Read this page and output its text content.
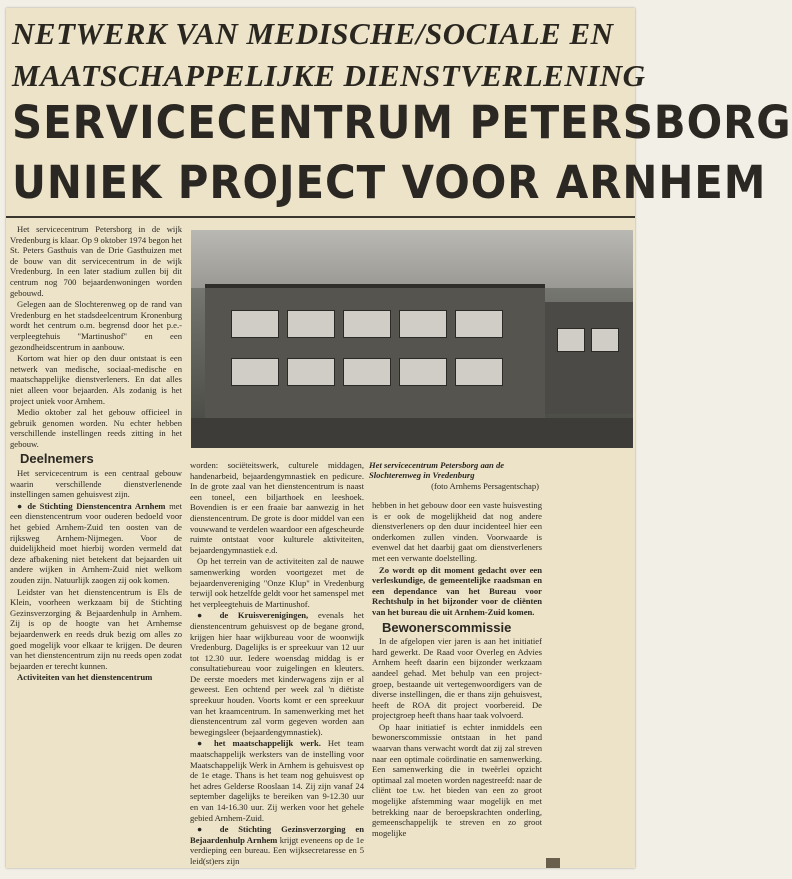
NETWERK VAN MEDISCHE/SOCIALE EN
MAATSCHAPPELIJKE DIENSTVERLENING
SERVICECENTRUM PETERSBORG
UNIEK PROJECT VOOR ARNHEM

Het servicecentrum Petersborg in de wijk Vredenburg is klaar. Op 9 oktober 1974 begon het St. Peters Gasthuis van de Drie Gasthuizen met de bouw van dit servicecentrum in de wijk Vredenburg. In een later stadium zullen bij dit centrum nog 700 bejaardenwoningen worden gebouwd.

Gelegen aan de Slochterenweg op de rand van Vredenburg en het stadsdeelcentrum Kronenburg wordt het centrum o.m. begrensd door het p.e.-verpleegtehuis "Martinushof" en een gezondheidscentrum in aanbouw.

Kortom wat hier op den duur ontstaat is een netwerk van medische, sociaal-medische en maatschappelijke dienstverleners. En dat alles niet alleen voor bejaarden. Als zodanig is het project uniek voor Arnhem.

Medio oktober zal het gebouw officieel in gebruik genomen worden. Nu echter hebben verschillende instellingen reeds zitting in het gebouw.

Deelnemers

Het servicecentrum is een centraal gebouw waarin verschillende dienstverlenende instellingen samen gehuisvest zijn.

● de Stichting Dienstencentra Arnhem met een dienstencentrum voor ouderen bedoeld voor het gebied Arnhem-Zuid ten oosten van de rijksweg Arnhem-Nijmegen. Voor de duidelijkheid moet hierbij worden vermeld dat deze afbakening niet betekent dat bejaarden uit andere wijken in Arnhem-Zuid niet welkom zouden zijn. Natuurlijk zaogen zij ook komen.

Leidster van het dienstencentrum is Els de Klein, voorheen werkzaam bij de Stichting Gezinsverzorging & Bejaardenhulp in Arnhem. Zij is op de hoogte van het Arnhemse bejaardenwerk en reeds druk bezig om alles zo goed mogelijk voor elkaar te krijgen. De deuren van het dienstencentrum zijn nu reeds open zodat bejaarden er terecht kunnen.

Activiteiten van het dienstencentrum

Het servicecentrum Petersborg aan de Slochterenweg in Vredenburg
(foto Arnhems Persagentschap)

worden: sociëteitswerk, culturele middagen, handenarbeid, bejaardengymnastiek en pedicure. In de grote zaal van het dienstencentrum is naast een toneel, een biljarthoek en leeshoek. Bovendien is er een fraaie bar aanwezig in het dienstencentrum. De grote is door middel van een vouwwand te verdelen waardoor een afgescheurde ruimte ontstaat voor kulturele aktiviteiten, bejaardengymnastiek e.d.

Op het terrein van de activiteiten zal de nauwe samenwerking worden voortgezet met de bejaardenvereniging "Onze Klup" in Vredenburg terwijl ook hetzelfde geldt voor het samenspel met het verpleegtehuis de Martinushof.

● de Kruisverenigingen, evenals het dienstencentrum gehuisvest op de begane grond, krijgen hier haar wijkbureau voor de woonwijk Vredenburg. Dagelijks is er spreekuur van 12 uur tot 12.30 uur. Iedere woensdag middag is er consultatiebureau voor zuigelingen en kleuters. De eerste moeders met kinderwagens zijn er al geweest. Een ochtend per week zal 'n diëtiste spreekuur houden. Voorts komt er een spreekuur van het kraamcentrum. In samenwerking met het dienstencentrum zal vorm gegeven worden aan bewegingsleer (bejaardengymnastiek).

● het maatschappelijk werk. Het team maatschappelijk werksters van de instelling voor Maatschappelijk Werk in Arnhem is gehuisvest op de 1e etage. Thans is het team nog gehuisvest op het adres Gelderse Rooslaan 14. Zij zijn vanaf 24 september dagelijks te bereiken van 9-12.30 uur en van 14-16.30 uur. Zij werken voor het gehele gebied Arnhem-Zuid.

● de Stichting Gezinsverzorging en Bejaardenhulp Arnhem krijgt eveneens op de 1e verdieping een bureau. Een wijksecretaresse en 5 leid(st)ers zijn

hebben in het gebouw door een vaste huisvesting is er ook de mogelijkheid dat nog andere dienstverleners op den duur incidenteel hier een onderkomen zullen vinden. Voorwaarde is evenwel dat het daarbij gaat om dienstverleners met een verwante doelstelling.

Zo wordt op dit moment gedacht over een verleskundige, de gemeentelijke raadsman en een dependance van het Bureau voor Rechtshulp in het bijzonder voor de cliënten van het bureau die uit Arnhem-Zuid komen.

Bewonerscommissie

In de afgelopen vier jaren is aan het initiatief hard gewerkt. De Raad voor Overleg en Advies Arnhem heeft daarin een bijzonder werkzaam aandeel gehad. Met behulp van een project-groep, bestaande uit vertegenwoordigers van de diverse instellingen, die er thans zijn gehuisvest, heeft de ROA dit project voorbereid. De projectgroep heeft thans haar taak volvoerd.

Op haar initiatief is echter inmiddels een bewonerscommissie ontstaan in het pand waarvan thans verwacht wordt dat zij zal streven naar een optimale coördinatie en samenwerking. Een samenwerking die in tweërlei opzicht optimaal zal moeten worden nagestreefd: naar de cliënt toe t.w. het bieden van een zo groot mogelijke afstemming waar mogelijk en met betrekking naar de beroepskrachten onderling, gemeenschappelijk te streven en zo groot mogelijke
